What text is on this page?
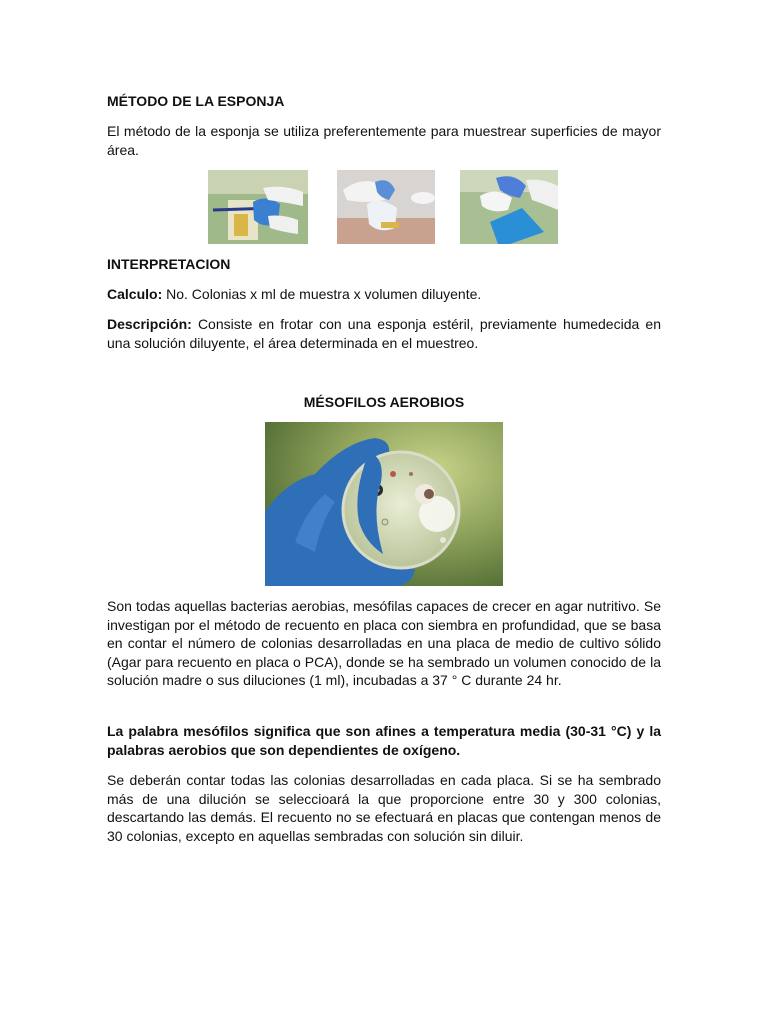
MÉTODO DE LA ESPONJA

El método de la esponja se utiliza preferentemente para muestrear superficies de mayor área.

INTERPRETACION

Calculo: No. Colonias x ml de muestra x volumen diluyente.

Descripción: Consiste en frotar con una esponja estéril, previamente humedecida en una solución diluyente, el área determinada en el muestreo.

MÉSOFILOS AEROBIOS

Son todas aquellas bacterias aerobias, mesófilas capaces de crecer en agar nutritivo. Se investigan por el método de recuento en placa con siembra en profundidad, que se basa en contar el número de colonias desarrolladas en una placa de medio de cultivo sólido (Agar para recuento en placa o PCA), donde se ha sembrado un volumen conocido de la solución madre o sus diluciones (1 ml), incubadas a 37 ° C durante 24 hr.

La palabra mesófilos significa que son afines a temperatura media (30-31 °C) y la palabras aerobios que son dependientes de oxígeno.

Se deberán contar todas las colonias desarrolladas en cada placa. Si se ha sembrado más de una dilución se seleccioará la que proporcione entre 30 y 300 colonias, descartando las demás. El recuento no se efectuará en placas que contengan menos de 30 colonias, excepto en aquellas sembradas con solución sin diluir.
